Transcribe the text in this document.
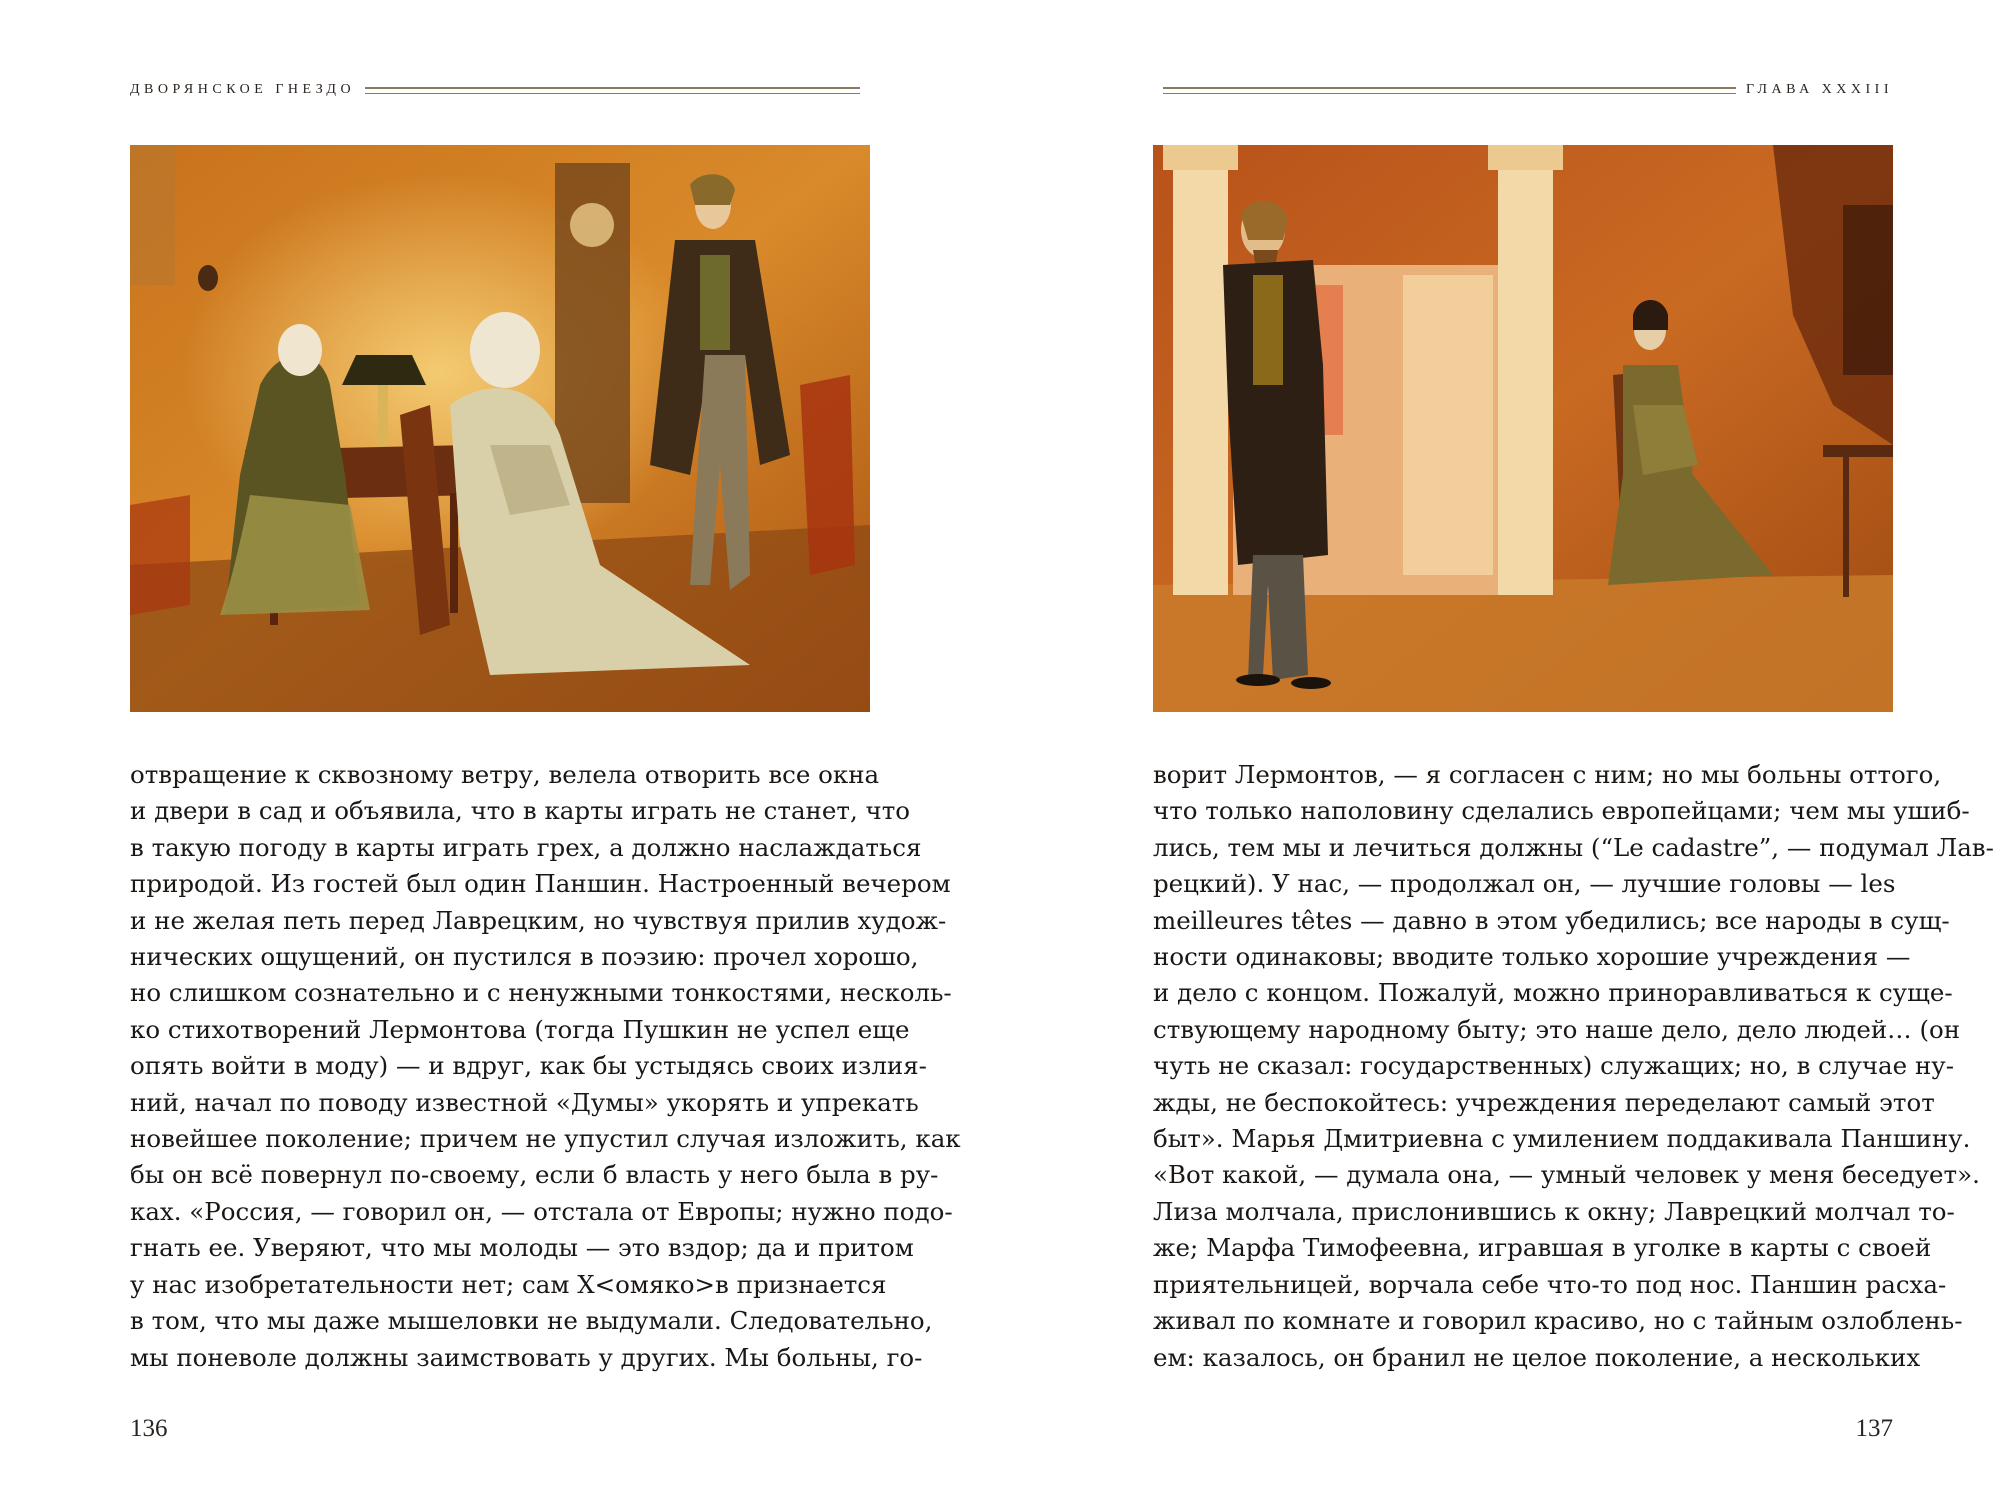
ДВОРЯНСКОЕ ГНЕЗДО
отвращение к сквозному ветру, велела отворить все окна
и двери в сад и объявила, что в карты играть не станет, что
в такую погоду в карты играть грех, а должно наслаждаться
природой. Из гостей был один Паншин. Настроенный вечером
и не желая петь перед Лаврецким, но чувствуя прилив худож-
нических ощущений, он пустился в поэзию: прочел хорошо,
но слишком сознательно и с ненужными тонкостями, несколь-
ко стихотворений Лермонтова (тогда Пушкин не успел еще
опять войти в моду) — и вдруг, как бы устыдясь своих излия-
ний, начал по поводу известной «Думы» укорять и упрекать
новейшее поколение; причем не упустил случая изложить, как
бы он всё повернул по-своему, если б власть у него была в ру-
ках. «Россия, — говорил он, — отстала от Европы; нужно подо-
гнать ее. Уверяют, что мы молоды — это вздор; да и притом
у нас изобретательности нет; сам Х<омяко>в признается
в том, что мы даже мышеловки не выдумали. Следовательно,
мы поневоле должны заимствовать у других. Мы больны, го-
136
ГЛАВА XXXIII
ворит Лермонтов, — я согласен с ним; но мы больны оттого,
что только наполовину сделались европейцами; чем мы ушиб-
лись, тем мы и лечиться должны (“Le cadastre”, — подумал Лав-
рецкий). У нас, — продолжал он, — лучшие головы — les
meilleures têtes — давно в этом убедились; все народы в сущ-
ности одинаковы; вводите только хорошие учреждения —
и дело с концом. Пожалуй, можно приноравливаться к суще-
ствующему народному быту; это наше дело, дело людей… (он
чуть не сказал: государственных) служащих; но, в случае ну-
жды, не беспокойтесь: учреждения переделают самый этот
быт». Марья Дмитриевна с умилением поддакивала Паншину.
«Вот какой, — думала она, — умный человек у меня беседует».
Лиза молчала, прислонившись к окну; Лаврецкий молчал то-
же; Марфа Тимофеевна, игравшая в уголке в карты с своей
приятельницей, ворчала себе что-то под нос. Паншин расха-
живал по комнате и говорил красиво, но с тайным озлоблень-
ем: казалось, он бранил не целое поколение, а нескольких
137
